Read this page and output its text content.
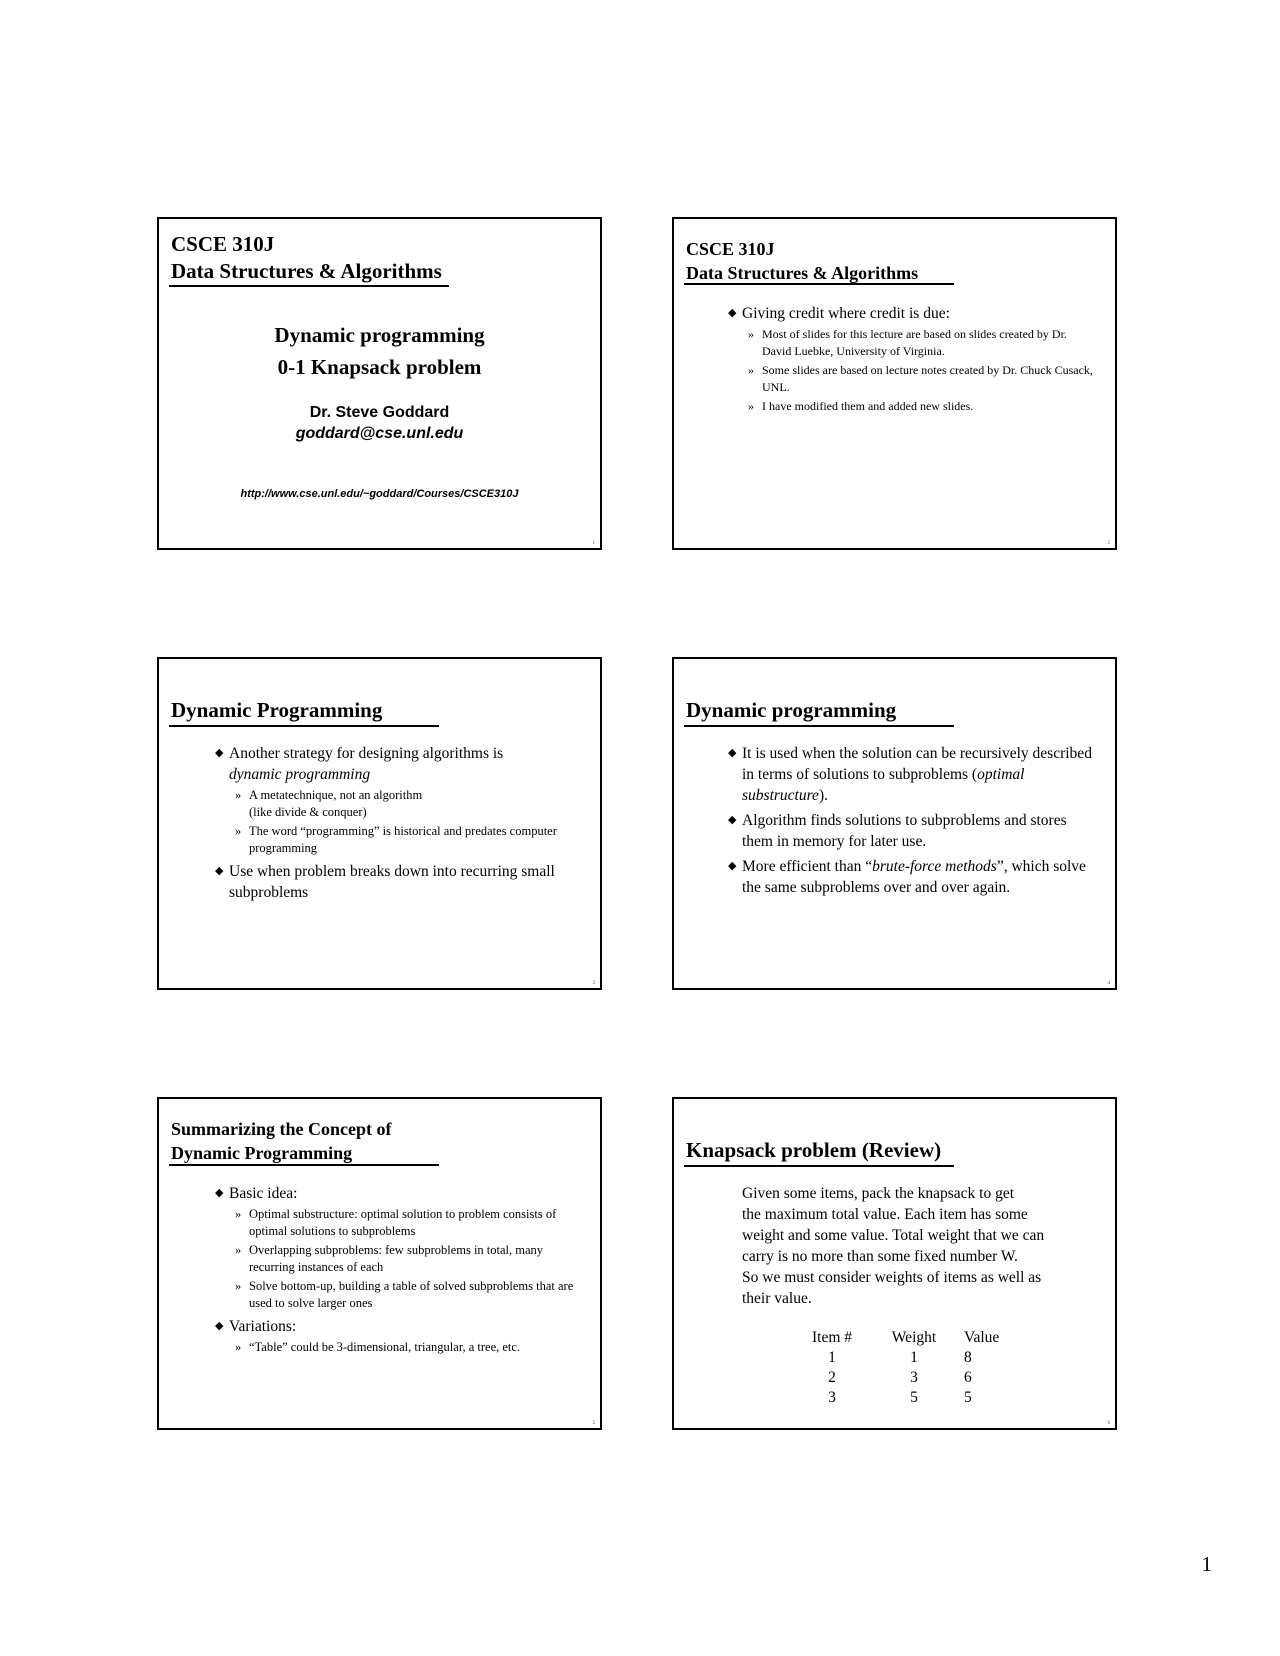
CSCE 310J
Data Structures & Algorithms
Dynamic programming
0-1 Knapsack problem
Dr. Steve Goddard
goddard@cse.unl.edu
http://www.cse.unl.edu/~goddard/Courses/CSCE310J
1
CSCE 310J
Data Structures & Algorithms
◆ Giving credit where credit is due:
» Most of slides for this lecture are based on slides created by Dr. David Luebke, University of Virginia.
» Some slides are based on lecture notes created by Dr. Chuck Cusack, UNL.
» I have modified them and added new slides.
2
Dynamic Programming
◆ Another strategy for designing algorithms is
dynamic programming
» A metatechnique, not an algorithm
(like divide & conquer)
» The word “programming” is historical and predates computer programming
◆ Use when problem breaks down into recurring small subproblems
3
Dynamic programming
◆ It is used when the solution can be recursively described in terms of solutions to subproblems (optimal substructure).
◆ Algorithm finds solutions to subproblems and stores them in memory for later use.
◆ More efficient than “brute-force methods”, which solve the same subproblems over and over again.
4
Summarizing the Concept of
Dynamic Programming
◆ Basic idea:
» Optimal substructure: optimal solution to problem consists of optimal solutions to subproblems
» Overlapping subproblems: few subproblems in total, many recurring instances of each
» Solve bottom-up, building a table of solved subproblems that are used to solve larger ones
◆ Variations:
» “Table” could be 3-dimensional, triangular, a tree, etc.
5
Knapsack problem (Review)
Given some items, pack the knapsack to get
the maximum total value. Each item has some
weight and some value. Total weight that we can
carry is no more than some fixed number W.
So we must consider weights of items as well as
their value.
Item #	Weight	Value
1	1	8
2	3	6
3	5	5
6
1
